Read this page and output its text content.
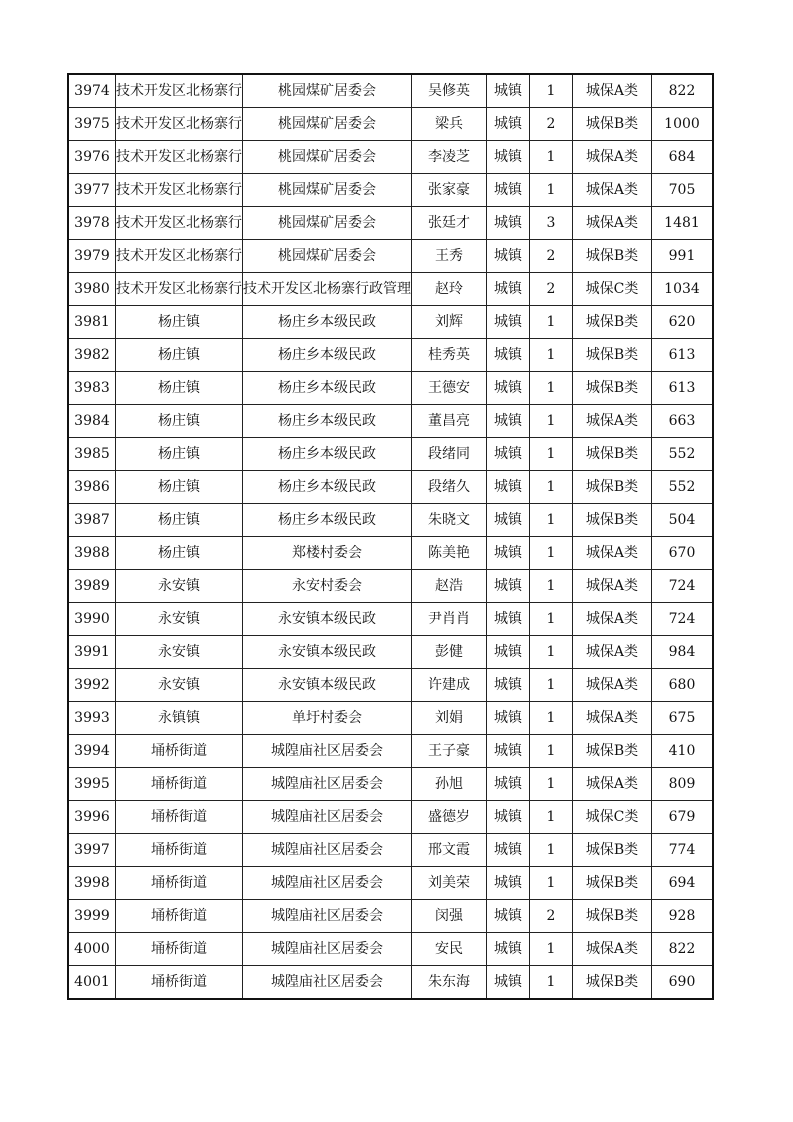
3974	技术开发区北杨寨行	桃园煤矿居委会	吴修英	城镇	1	城保A类	822
3975	技术开发区北杨寨行	桃园煤矿居委会	梁兵	城镇	2	城保B类	1000
3976	技术开发区北杨寨行	桃园煤矿居委会	李凌芝	城镇	1	城保A类	684
3977	技术开发区北杨寨行	桃园煤矿居委会	张家豪	城镇	1	城保A类	705
3978	技术开发区北杨寨行	桃园煤矿居委会	张廷才	城镇	3	城保A类	1481
3979	技术开发区北杨寨行	桃园煤矿居委会	王秀	城镇	2	城保B类	991
3980	技术开发区北杨寨行	技术开发区北杨寨行政管理	赵玲	城镇	2	城保C类	1034
3981	杨庄镇	杨庄乡本级民政	刘辉	城镇	1	城保B类	620
3982	杨庄镇	杨庄乡本级民政	桂秀英	城镇	1	城保B类	613
3983	杨庄镇	杨庄乡本级民政	王德安	城镇	1	城保B类	613
3984	杨庄镇	杨庄乡本级民政	董昌亮	城镇	1	城保A类	663
3985	杨庄镇	杨庄乡本级民政	段绪同	城镇	1	城保B类	552
3986	杨庄镇	杨庄乡本级民政	段绪久	城镇	1	城保B类	552
3987	杨庄镇	杨庄乡本级民政	朱晓文	城镇	1	城保B类	504
3988	杨庄镇	郑楼村委会	陈美艳	城镇	1	城保A类	670
3989	永安镇	永安村委会	赵浩	城镇	1	城保A类	724
3990	永安镇	永安镇本级民政	尹肖肖	城镇	1	城保A类	724
3991	永安镇	永安镇本级民政	彭健	城镇	1	城保A类	984
3992	永安镇	永安镇本级民政	许建成	城镇	1	城保A类	680
3993	永镇镇	单圩村委会	刘娟	城镇	1	城保A类	675
3994	埇桥街道	城隍庙社区居委会	王子豪	城镇	1	城保B类	410
3995	埇桥街道	城隍庙社区居委会	孙旭	城镇	1	城保A类	809
3996	埇桥街道	城隍庙社区居委会	盛德岁	城镇	1	城保C类	679
3997	埇桥街道	城隍庙社区居委会	邢文霞	城镇	1	城保B类	774
3998	埇桥街道	城隍庙社区居委会	刘美荣	城镇	1	城保B类	694
3999	埇桥街道	城隍庙社区居委会	闵强	城镇	2	城保B类	928
4000	埇桥街道	城隍庙社区居委会	安民	城镇	1	城保A类	822
4001	埇桥街道	城隍庙社区居委会	朱东海	城镇	1	城保B类	690
